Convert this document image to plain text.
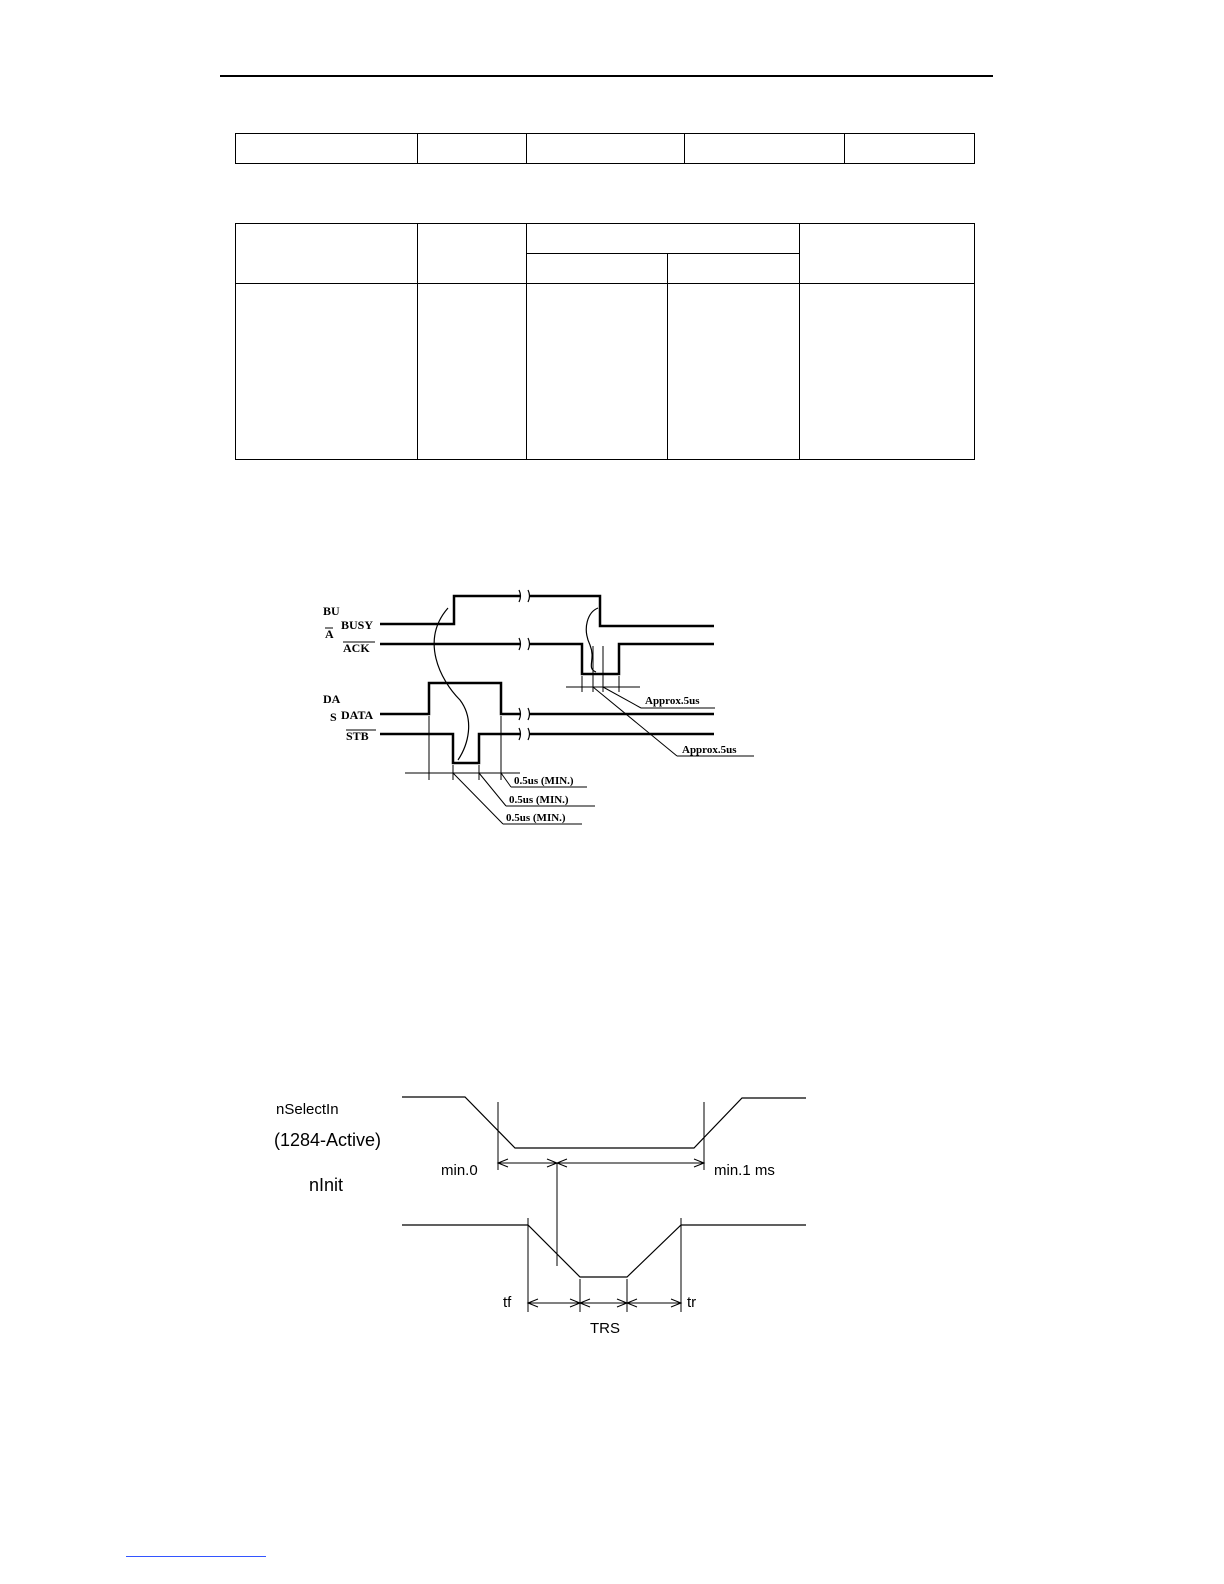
BU
A
DA
S
BUSY
ACK
DATA
STB
Approx.5us
Approx.5us
0.5us (MIN.)
0.5us (MIN.)
0.5us (MIN.)
nSelectIn
(1284-Active)
nInit
min.0	min.1 ms
tf
TRS
tr
